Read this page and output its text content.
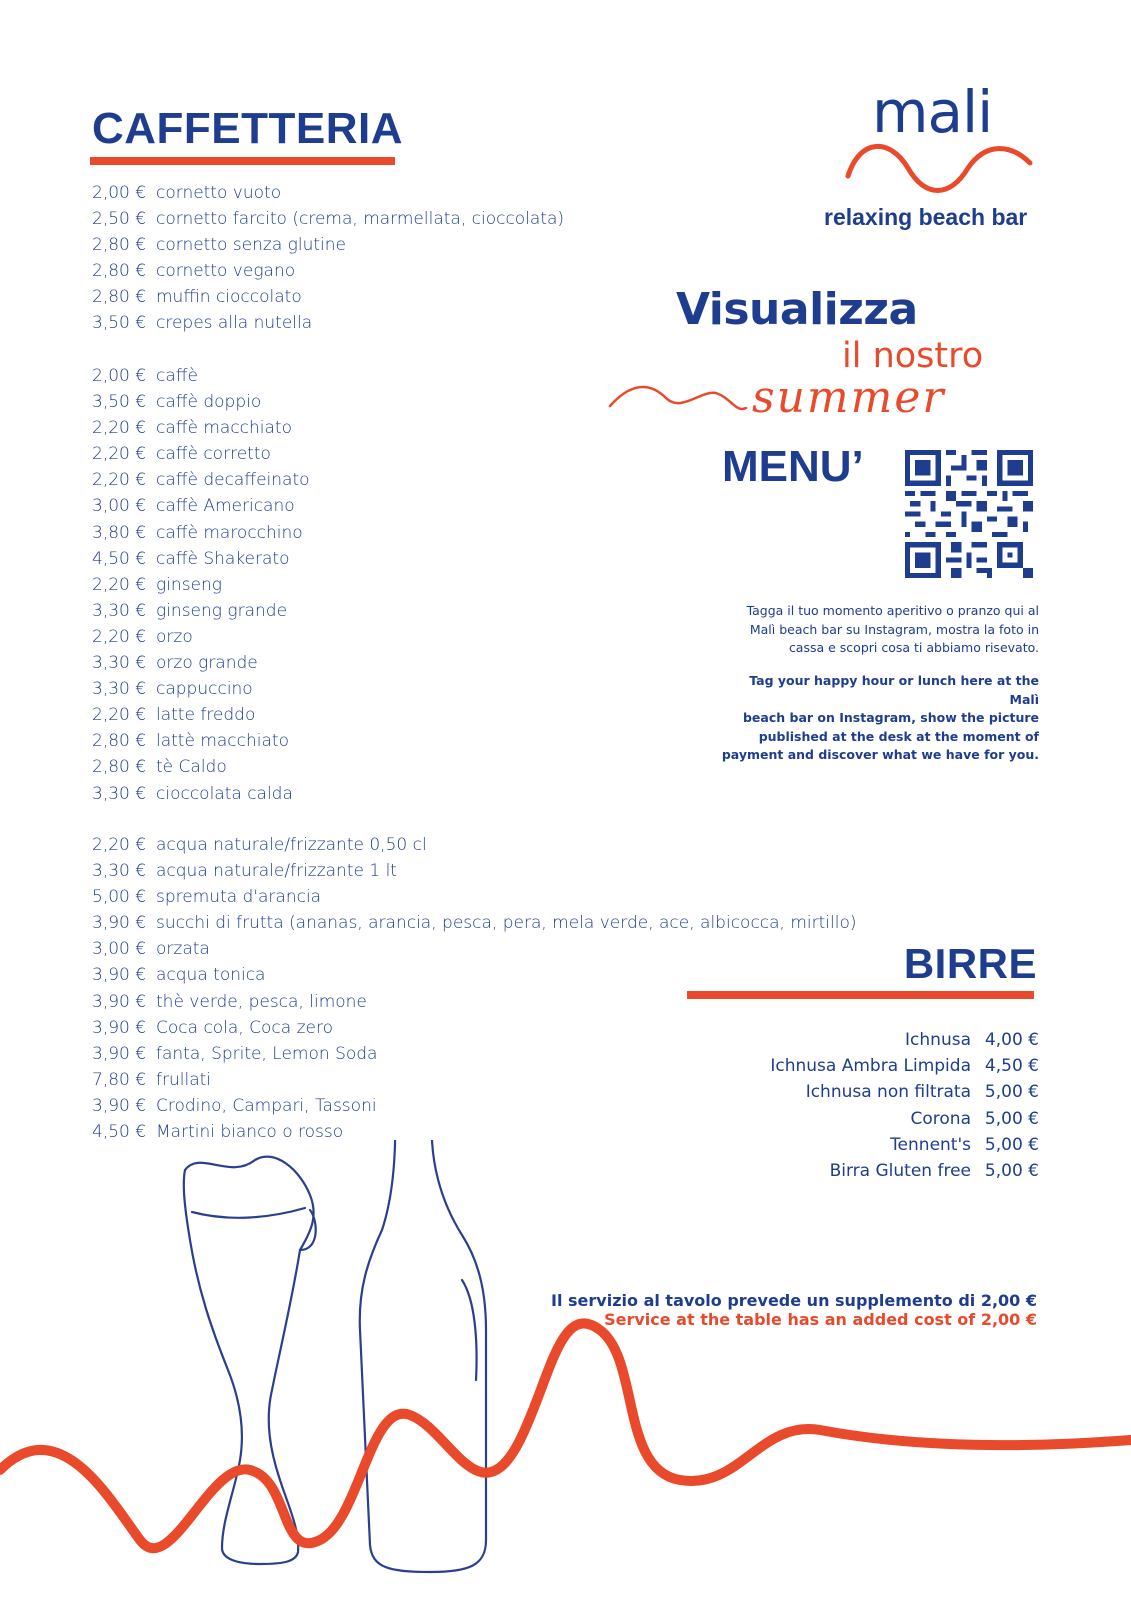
CAFFETTERIA
2,00 € cornetto vuoto
2,50 € cornetto farcito (crema, marmellata, cioccolata)
2,80 € cornetto senza glutine
2,80 € cornetto vegano
2,80 € muffin cioccolato
3,50 € crepes alla nutella
2,00 € caffè
3,50 € caffè doppio
2,20 € caffè macchiato
2,20 € caffè corretto
2,20 € caffè decaffeinato
3,00 € caffè Americano
3,80 € caffè marocchino
4,50 € caffè Shakerato
2,20 € ginseng
3,30 € ginseng grande
2,20 € orzo
3,30 € orzo grande
3,30 € cappuccino
2,20 € latte freddo
2,80 € lattè macchiato
2,80 € tè Caldo
3,30 € cioccolata calda
2,20 € acqua naturale/frizzante 0,50 cl
3,30 € acqua naturale/frizzante 1 lt
5,00 € spremuta d'arancia
3,90 € succhi di frutta (ananas, arancia, pesca, pera, mela verde, ace, albicocca, mirtillo)
3,00 € orzata
3,90 € acqua tonica
3,90 € thè verde, pesca, limone
3,90 € Coca cola, Coca zero
3,90 € fanta, Sprite, Lemon Soda
7,80 € frullati
3,90 € Crodino, Campari, Tassoni
4,50 € Martini bianco o rosso
mali
relaxing beach bar
Visualizza
il nostro
summer
MENU’
Tagga il tuo momento aperitivo o pranzo qui al
Malì beach bar su Instagram, mostra la foto in
cassa e scopri cosa ti abbiamo risevato.
Tag your happy hour or lunch here at the Malì
beach bar on Instagram, show the picture
published at the desk at the moment of
payment and discover what we have for you.
BIRRE
Ichnusa 4,00 €
Ichnusa Ambra Limpida 4,50 €
Ichnusa non filtrata 5,00 €
Corona 5,00 €
Tennent's 5,00 €
Birra Gluten free 5,00 €
Il servizio al tavolo prevede un supplemento di 2,00 €
Service at the table has an added cost of 2,00 €
